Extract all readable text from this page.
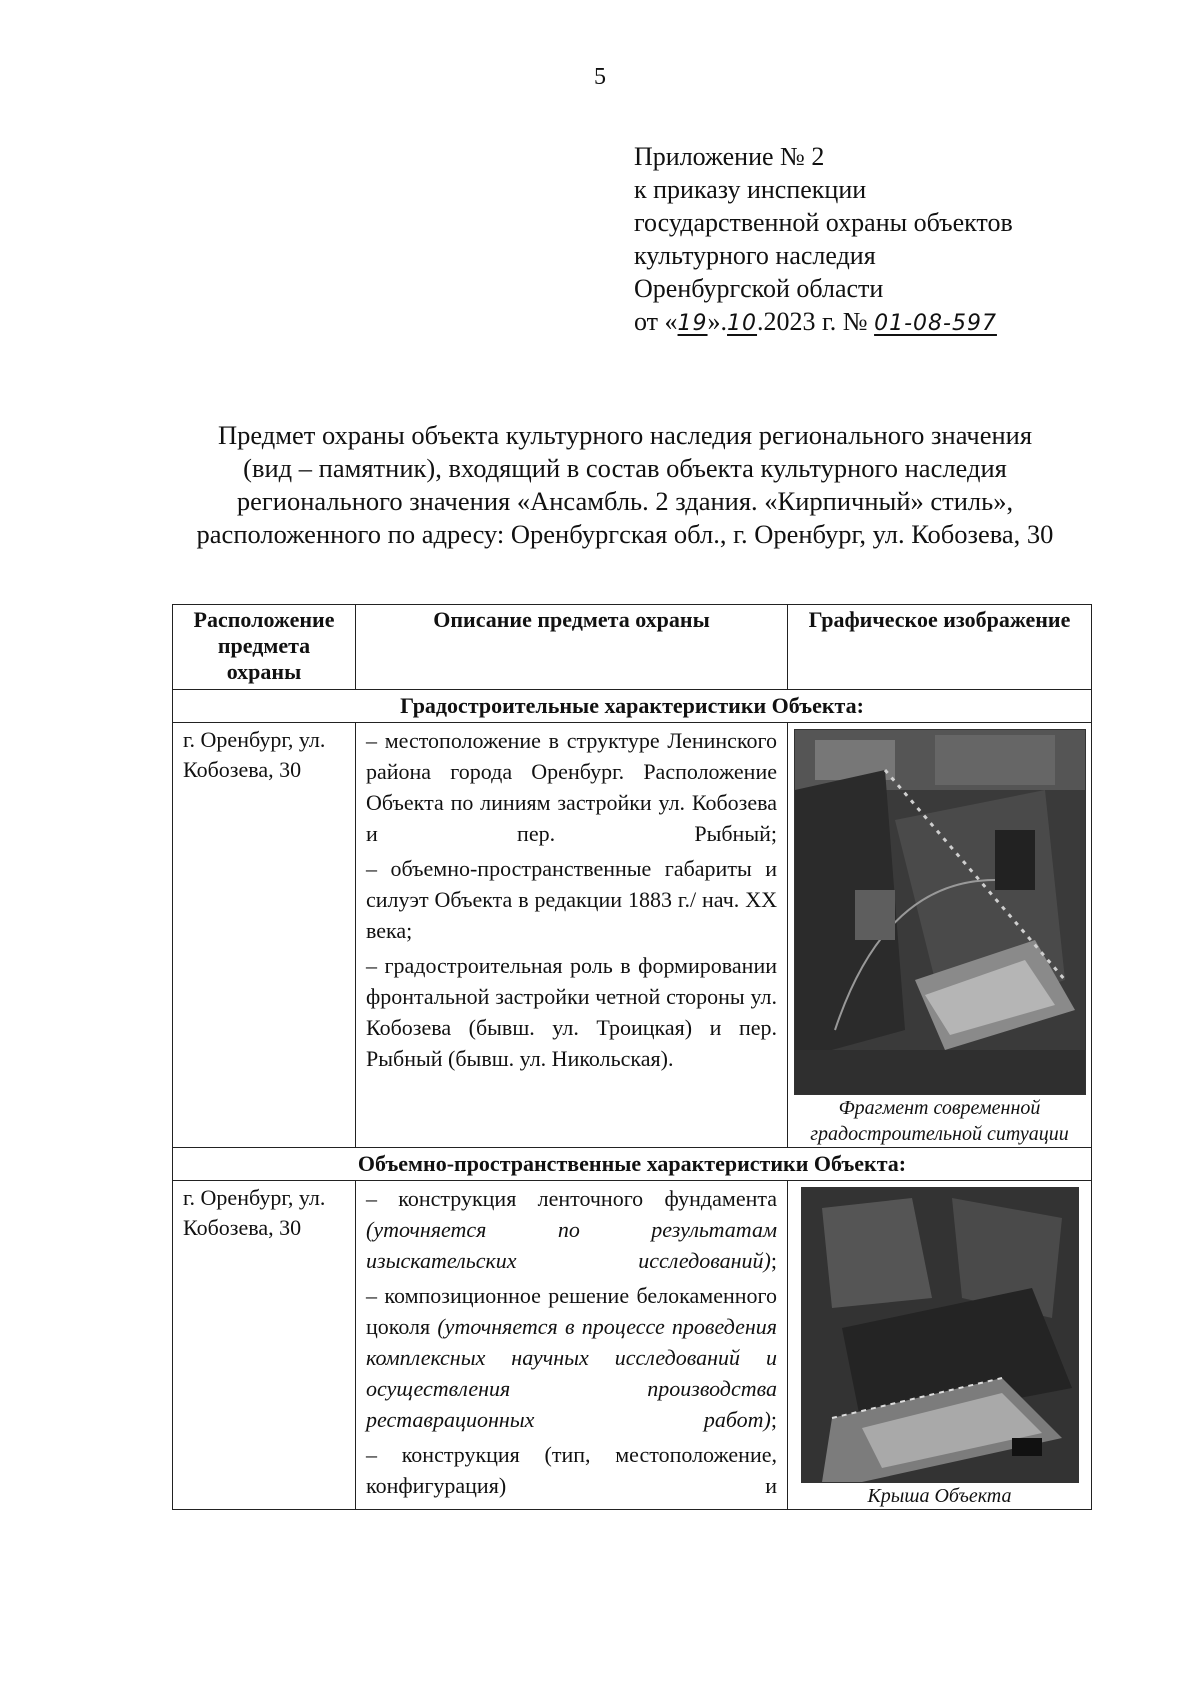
5
Приложение № 2
к приказу инспекции
государственной охраны объектов
культурного наследия
Оренбургской области
от «19».10.2023 г. № 01-08-597
Предмет охраны объекта культурного наследия регионального значения
(вид – памятник), входящий в состав объекта культурного наследия
регионального значения «Ансамбль. 2 здания. «Кирпичный» стиль»,
расположенного по адресу: Оренбургская обл., г. Оренбург, ул. Кобозева, 30
Расположение предмета охраны	Описание предмета охраны	Графическое изображение
Градостроительные характеристики Объекта:		
г. Оренбург, ул. Кобозева, 30	– местоположение в структуре Ленинского района города Оренбург. Расположение Объекта по линиям застройки ул. Кобозева и пер. Рыбный;

– объемно-пространственные габариты и силуэт Объекта в редакции 1883 г./ нач. XX века;

– градостроительная роль в формировании фронтальной застройки четной стороны ул. Кобозева (бывш. ул. Троицкая) и пер. Рыбный (бывш. ул. Никольская).	Фрагмент современной градостроительной ситуации

Объемно-пространственные характеристики Объекта:		
г. Оренбург, ул. Кобозева, 30	– конструкция ленточного фундамента (уточняется по результатам изыскательских исследований);

– композиционное решение белокаменного цоколя (уточняется в процессе проведения комплексных научных исследований и осуществления производства реставрационных работ);

– конструкция (тип, местоположение, конфигурация) и	Крыша Объекта
